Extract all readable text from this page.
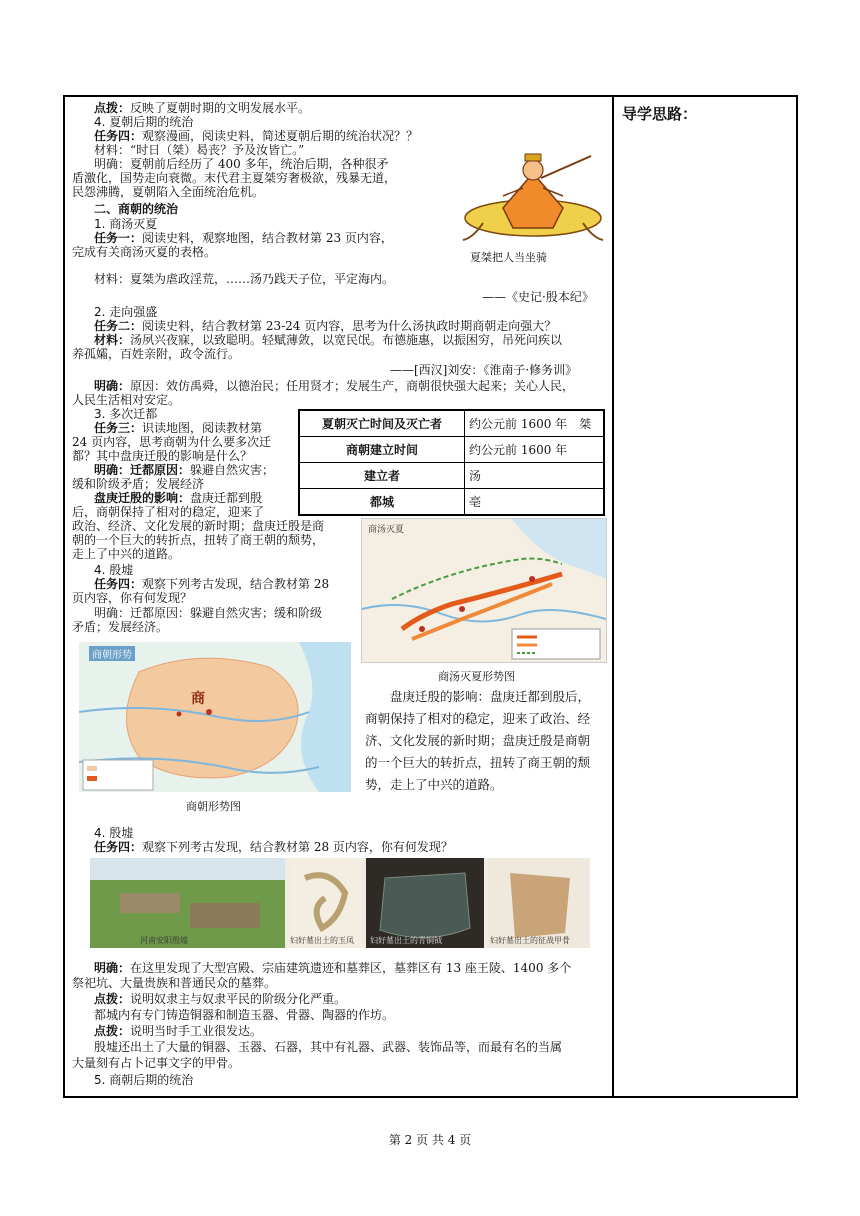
导学思路：
点拨：反映了夏朝时期的文明发展水平。
4. 夏朝后期的统治
任务四：观察漫画，阅读史料，简述夏朝后期的统治状况？？
材料：“时日（桀）曷丧？予及汝皆亡。”
明确：夏朝前后经历了 400 多年，统治后期，各种很矛
盾激化，国势走向衰微。末代君主夏桀穷奢极欲，残暴无道，
民怨沸腾，夏朝陷入全面统治危机。
二、商朝的统治
1. 商汤灭夏
任务一：阅读史料，观察地图，结合教材第 23 页内容，
完成有关商汤灭夏的表格。
材料：夏桀为虐政淫荒，……汤乃践天子位，平定海内。
——《史记·殷本纪》
2. 走向强盛
任务二：阅读史料，结合教材第 23-24 页内容，思考为什么汤执政时期商朝走向强大？
材料：汤夙兴夜寐，以致聪明。轻赋薄敛，以宽民氓。布德施惠，以振困穷，吊死问疾以
养孤孀，百姓亲附，政令流行。
——[西汉]刘安：《淮南子·修务训》
明确：原因：效仿禹舜，以德治民；任用贤才；发展生产，商朝很快强大起来；关心人民，
人民生活相对安定。
3. 多次迁都
任务三：识读地图，阅读教材第
24 页内容，思考商朝为什么要多次迁
都？其中盘庚迁殷的影响是什么？
明确：迁都原因：躲避自然灾害；
缓和阶级矛盾；发展经济
盘庚迁殷的影响：盘庚迁都到殷
后，商朝保持了相对的稳定，迎来了
政治、经济、文化发展的新时期；盘庚迁殷是商
朝的一个巨大的转折点，扭转了商王朝的颓势，
走上了中兴的道路。
4. 殷墟
任务四：观察下列考古发现，结合教材第 28
页内容，你有何发现？
明确：迁都原因：躲避自然灾害；缓和阶级
矛盾；发展经济。
夏朝灭亡时间及灭亡者	约公元前 1600 年　桀
商朝建立时间	约公元前 1600 年
建立者	汤
都城	亳
夏桀把人当坐骑
商汤灭夏
商汤灭夏形势图
盘庚迁殷的影响：盘庚迁都到殷后，
商朝保持了相对的稳定，迎来了政治、经
济、文化发展的新时期；盘庚迁殷是商朝
的一个巨大的转折点，扭转了商王朝的颓
势，走上了中兴的道路。
商朝形势
商
商朝形势图
4. 殷墟
任务四：观察下列考古发现，结合教材第 28 页内容，你有何发现？
河南安阳殷墟	妇好墓出土的玉凤 妇好墓出土的青铜钺	妇好墓出土的征战甲骨
明确：在这里发现了大型宫殿、宗庙建筑遗迹和墓葬区，墓葬区有 13 座王陵、1400 多个
祭祀坑、大量贵族和普通民众的墓葬。
点拨：说明奴隶主与奴隶平民的阶级分化严重。
都城内有专门铸造铜器和制造玉器、骨器、陶器的作坊。
点拨：说明当时手工业很发达。
殷墟还出土了大量的铜器、玉器、石器，其中有礼器、武器、装饰品等，而最有名的当属
大量刻有占卜记事文字的甲骨。
5. 商朝后期的统治
第 2 页 共 4 页
